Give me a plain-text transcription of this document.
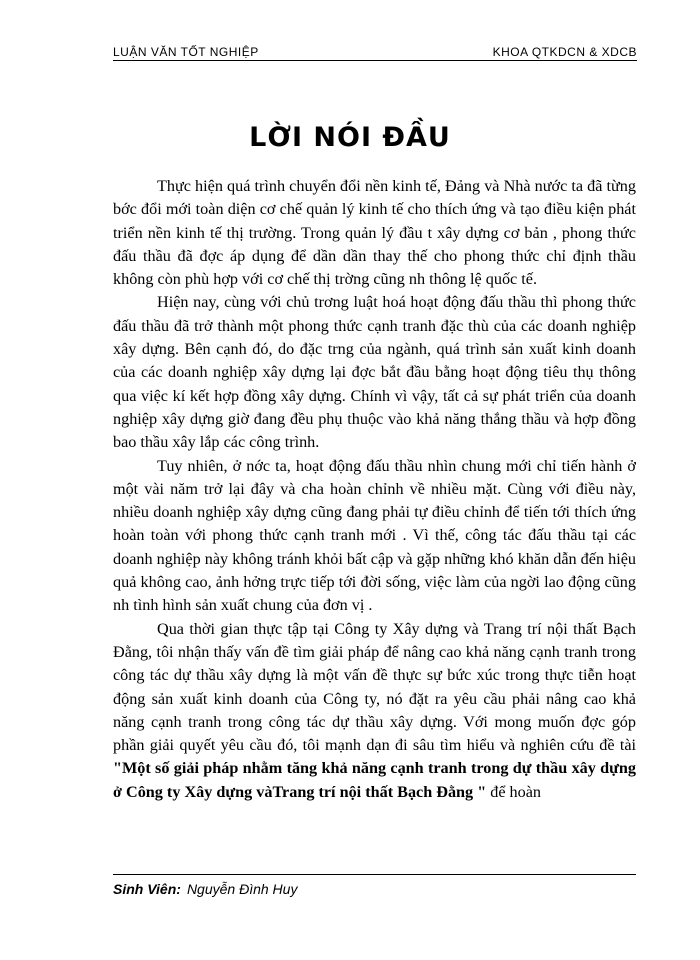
LUẬN VĂN TỐT NGHIỆP	KHOA QTKDCN & XDCB
LỜI NÓI ĐẦU

Thực hiện quá trình chuyển đổi nền kinh tế, Đảng và Nhà nước ta đã từng bớc đổi mới toàn diện cơ chế quản lý kinh tế cho thích ứng và tạo điều kiện phát triển nền kinh tế thị trường. Trong quản lý đầu t xây dựng cơ bản , phong thức đấu thầu đã đợc áp dụng để dần dần thay thế cho phong thức chỉ định thầu không còn phù hợp với cơ chế thị trờng cũng nh thông lệ quốc tế.

Hiện nay, cùng với chủ trơng luật hoá hoạt động đấu thầu thì phong thức đấu thầu đã trở thành một phong thức cạnh tranh đặc thù của các doanh nghiệp xây dựng. Bên cạnh đó, do đặc trng của ngành, quá trình sản xuất kinh doanh của các doanh nghiệp xây dựng lại đợc bắt đầu bằng hoạt động tiêu thụ thông qua việc kí kết hợp đồng xây dựng. Chính vì vậy, tất cả sự phát triển của doanh nghiệp xây dựng giờ đang đều phụ thuộc vào khả năng thắng thầu và hợp đồng bao thầu xây lắp các công trình.

Tuy nhiên, ở nớc ta, hoạt động đấu thầu nhìn chung mới chỉ tiến hành ở một vài năm trở lại đây và cha hoàn chỉnh về nhiều mặt. Cùng với điều này, nhiều doanh nghiệp xây dựng cũng đang phải tự điều chỉnh để tiến tới thích ứng hoàn toàn với phong thức cạnh tranh mới . Vì thế, công tác đấu thầu tại các doanh nghiệp này không tránh khỏi bất cập và gặp những khó khăn dẫn đến hiệu quả không cao, ảnh hởng trực tiếp tới đời sống, việc làm của ngời lao động cũng nh tình hình sản xuất chung của đơn vị .

Qua thời gian thực tập tại Công ty Xây dựng và Trang trí nội thất Bạch Đằng, tôi nhận thấy vấn đề tìm giải pháp để nâng cao khả năng cạnh tranh trong công tác dự thầu xây dựng là một vấn đề thực sự bức xúc trong thực tiễn hoạt động sản xuất kinh doanh của Công ty, nó đặt ra yêu cầu phải nâng cao khả năng cạnh tranh trong công tác dự thầu xây dựng. Với mong muốn đợc góp phần giải quyết yêu cầu đó, tôi mạnh dạn đi sâu tìm hiểu và nghiên cứu đề tài "Một số giải pháp nhằm tăng khả năng cạnh tranh trong dự thầu xây dựng ở Công ty Xây dựng vàTrang trí nội thất Bạch Đằng " để hoàn

Sinh Viên: Nguyễn Đình Huy
